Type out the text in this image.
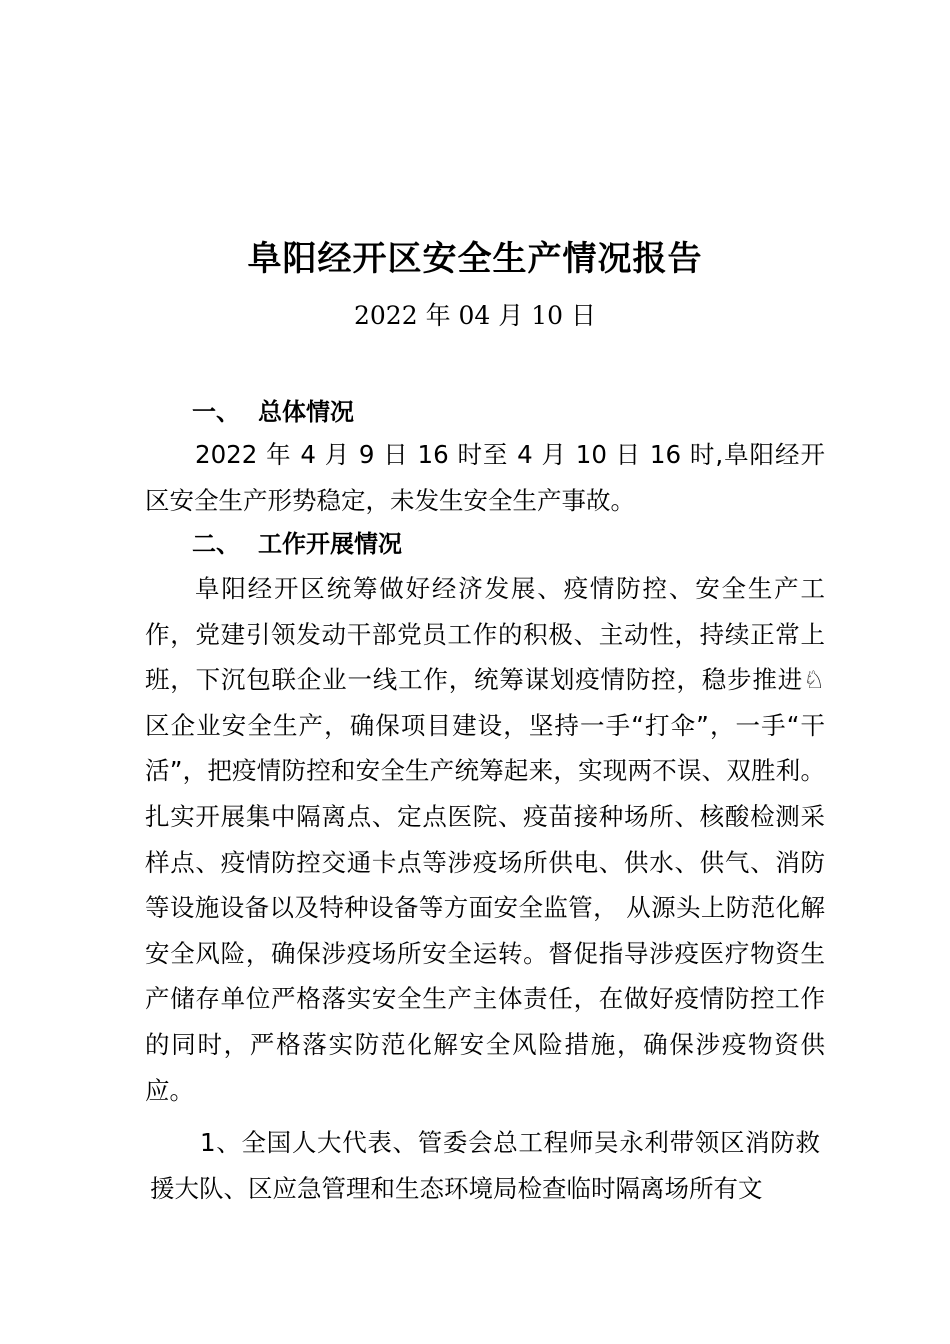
阜阳经开区安全生产情况报告
2022 年 04 月 10 日
一、 总体情况
2022 年 4 月 9 日 16 时至 4 月 10 日 16 时,阜阳经开区安全生产形势稳定，未发生安全生产事故。
二、 工作开展情况
阜阳经开区统筹做好经济发展、疫情防控、安全生产工作，党建引领发动干部党员工作的积极、主动性，持续正常上班，下沉包联企业一线工作，统筹谋划疫情防控，稳步推进♘区企业安全生产，确保项目建设，坚持一手“打伞”，一手“干活”，把疫情防控和安全生产统筹起来，实现两不误、双胜利。扎实开展集中隔离点、定点医院、疫苗接种场所、核酸检测采样点、疫情防控交通卡点等涉疫场所供电、供水、供气、消防等设施设备以及特种设备等方面安全监管， 从源头上防范化解安全风险，确保涉疫场所安全运转。督促指导涉疫医疗物资生产储存单位严格落实安全生产主体责任，在做好疫情防控工作的同时，严格落实防范化解安全风险措施，确保涉疫物资供应。
1、全国人大代表、管委会总工程师吴永利带领区消防救援大队、区应急管理和生态环境局检查临时隔离场所有文
